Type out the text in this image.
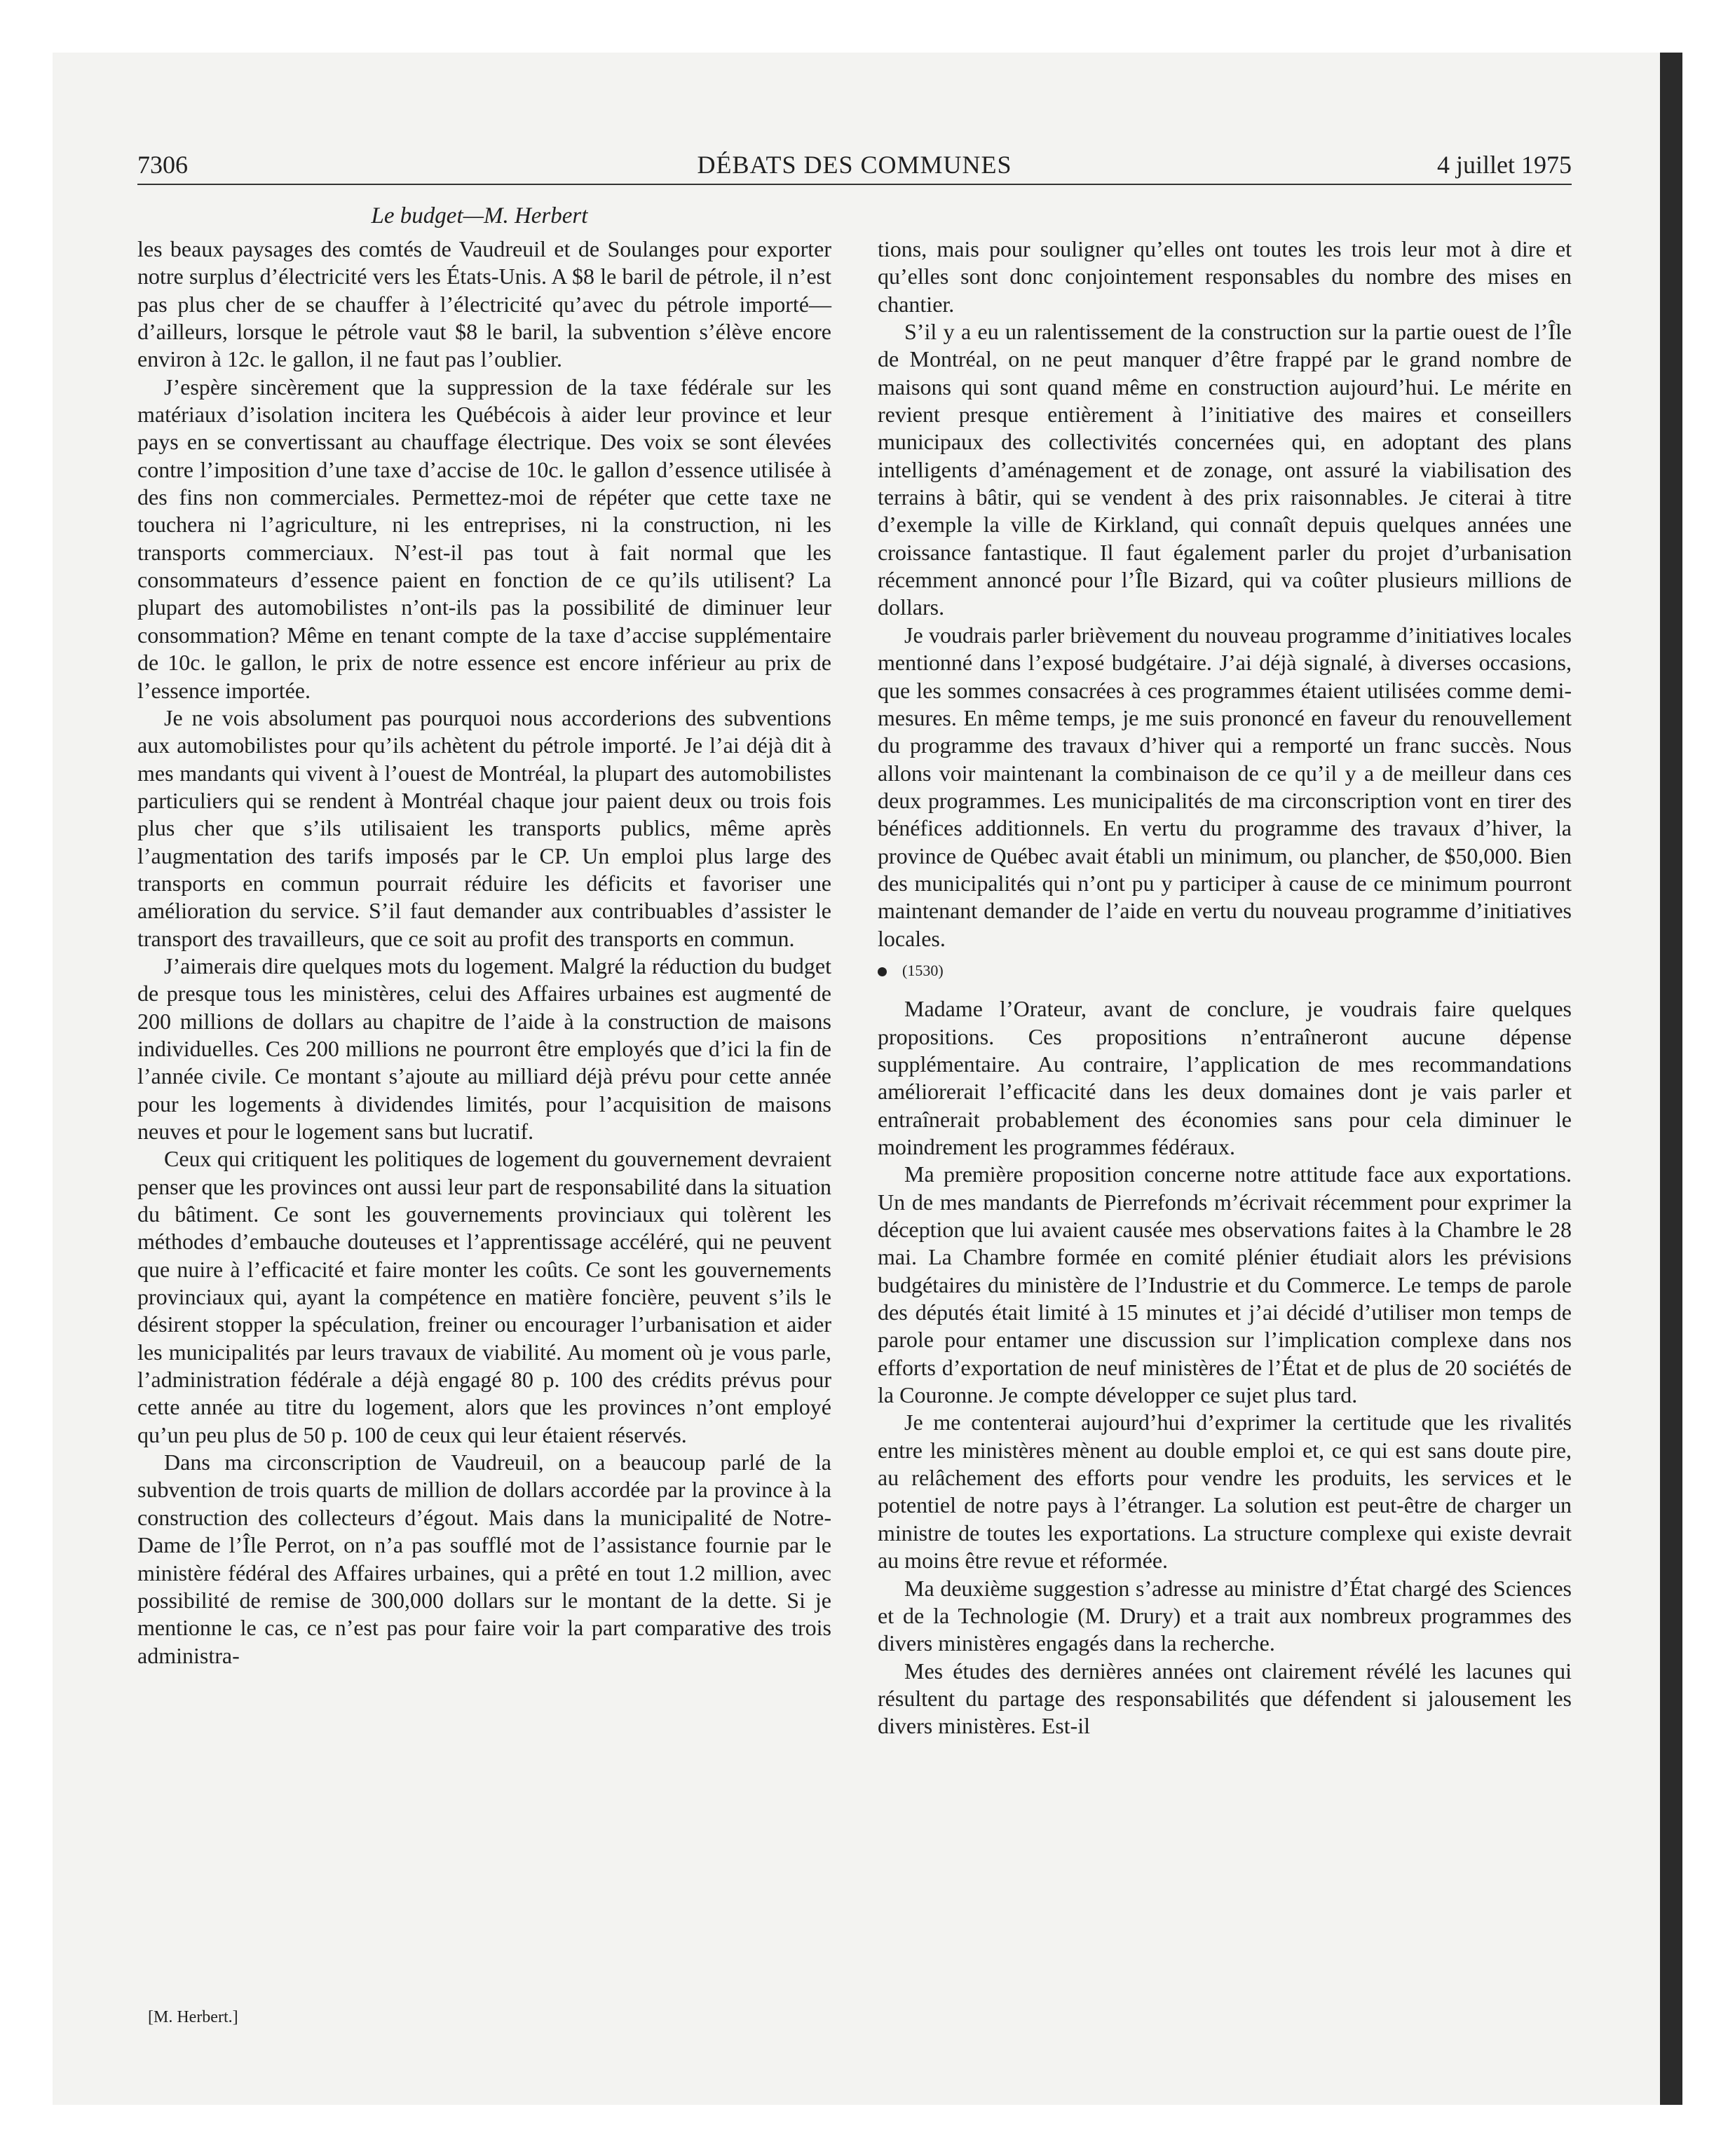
7306	DÉBATS DES COMMUNES	4 juillet 1975
Le budget—M. Herbert

les beaux paysages des comtés de Vaudreuil et de Soulanges pour exporter notre surplus d’électricité vers les États-Unis. A $8 le baril de pétrole, il n’est pas plus cher de se chauffer à l’électricité qu’avec du pétrole importé—d’ailleurs, lorsque le pétrole vaut $8 le baril, la subvention s’élève encore environ à 12c. le gallon, il ne faut pas l’oublier.

J’espère sincèrement que la suppression de la taxe fédérale sur les matériaux d’isolation incitera les Québécois à aider leur province et leur pays en se convertissant au chauffage électrique. Des voix se sont élevées contre l’imposition d’une taxe d’accise de 10c. le gallon d’essence utilisée à des fins non commerciales. Permettez-moi de répéter que cette taxe ne touchera ni l’agriculture, ni les entreprises, ni la construction, ni les transports commerciaux. N’est-il pas tout à fait normal que les consommateurs d’essence paient en fonction de ce qu’ils utilisent? La plupart des automobilistes n’ont-ils pas la possibilité de diminuer leur consommation? Même en tenant compte de la taxe d’accise supplémentaire de 10c. le gallon, le prix de notre essence est encore inférieur au prix de l’essence importée.

Je ne vois absolument pas pourquoi nous accorderions des subventions aux automobilistes pour qu’ils achètent du pétrole importé. Je l’ai déjà dit à mes mandants qui vivent à l’ouest de Montréal, la plupart des automobilistes particuliers qui se rendent à Montréal chaque jour paient deux ou trois fois plus cher que s’ils utilisaient les transports publics, même après l’augmentation des tarifs imposés par le CP. Un emploi plus large des transports en commun pourrait réduire les déficits et favoriser une amélioration du service. S’il faut demander aux contribuables d’assister le transport des travailleurs, que ce soit au profit des transports en commun.

J’aimerais dire quelques mots du logement. Malgré la réduction du budget de presque tous les ministères, celui des Affaires urbaines est augmenté de 200 millions de dollars au chapitre de l’aide à la construction de maisons individuelles. Ces 200 millions ne pourront être employés que d’ici la fin de l’année civile. Ce montant s’ajoute au milliard déjà prévu pour cette année pour les logements à dividendes limités, pour l’acquisition de maisons neuves et pour le logement sans but lucratif.

Ceux qui critiquent les politiques de logement du gouvernement devraient penser que les provinces ont aussi leur part de responsabilité dans la situation du bâtiment. Ce sont les gouvernements provinciaux qui tolèrent les méthodes d’embauche douteuses et l’apprentissage accéléré, qui ne peuvent que nuire à l’efficacité et faire monter les coûts. Ce sont les gouvernements provinciaux qui, ayant la compétence en matière foncière, peuvent s’ils le désirent stopper la spéculation, freiner ou encourager l’urbanisation et aider les municipalités par leurs travaux de viabilité. Au moment où je vous parle, l’administration fédérale a déjà engagé 80 p. 100 des crédits prévus pour cette année au titre du logement, alors que les provinces n’ont employé qu’un peu plus de 50 p. 100 de ceux qui leur étaient réservés.

Dans ma circonscription de Vaudreuil, on a beaucoup parlé de la subvention de trois quarts de million de dollars accordée par la province à la construction des collecteurs d’égout. Mais dans la municipalité de Notre-Dame de l’Île Perrot, on n’a pas soufflé mot de l’assistance fournie par le ministère fédéral des Affaires urbaines, qui a prêté en tout 1.2 million, avec possibilité de remise de 300,000 dollars sur le montant de la dette. Si je mentionne le cas, ce n’est pas pour faire voir la part comparative des trois administra-

tions, mais pour souligner qu’elles ont toutes les trois leur mot à dire et qu’elles sont donc conjointement responsables du nombre des mises en chantier.

S’il y a eu un ralentissement de la construction sur la partie ouest de l’Île de Montréal, on ne peut manquer d’être frappé par le grand nombre de maisons qui sont quand même en construction aujourd’hui. Le mérite en revient presque entièrement à l’initiative des maires et conseillers municipaux des collectivités concernées qui, en adoptant des plans intelligents d’aménagement et de zonage, ont assuré la viabilisation des terrains à bâtir, qui se vendent à des prix raisonnables. Je citerai à titre d’exemple la ville de Kirkland, qui connaît depuis quelques années une croissance fantastique. Il faut également parler du projet d’urbanisation récemment annoncé pour l’Île Bizard, qui va coûter plusieurs millions de dollars.

Je voudrais parler brièvement du nouveau programme d’initiatives locales mentionné dans l’exposé budgétaire. J’ai déjà signalé, à diverses occasions, que les sommes consacrées à ces programmes étaient utilisées comme demi-mesures. En même temps, je me suis prononcé en faveur du renouvellement du programme des travaux d’hiver qui a remporté un franc succès. Nous allons voir maintenant la combinaison de ce qu’il y a de meilleur dans ces deux programmes. Les municipalités de ma circonscription vont en tirer des bénéfices additionnels. En vertu du programme des travaux d’hiver, la province de Québec avait établi un minimum, ou plancher, de $50,000. Bien des municipalités qui n’ont pu y participer à cause de ce minimum pourront maintenant demander de l’aide en vertu du nouveau programme d’initiatives locales.

(1530)

Madame l’Orateur, avant de conclure, je voudrais faire quelques propositions. Ces propositions n’entraîneront aucune dépense supplémentaire. Au contraire, l’application de mes recommandations améliorerait l’efficacité dans les deux domaines dont je vais parler et entraînerait probablement des économies sans pour cela diminuer le moindrement les programmes fédéraux.

Ma première proposition concerne notre attitude face aux exportations. Un de mes mandants de Pierrefonds m’écrivait récemment pour exprimer la déception que lui avaient causée mes observations faites à la Chambre le 28 mai. La Chambre formée en comité plénier étudiait alors les prévisions budgétaires du ministère de l’Industrie et du Commerce. Le temps de parole des députés était limité à 15 minutes et j’ai décidé d’utiliser mon temps de parole pour entamer une discussion sur l’implication complexe dans nos efforts d’exportation de neuf ministères de l’État et de plus de 20 sociétés de la Couronne. Je compte développer ce sujet plus tard.

Je me contenterai aujourd’hui d’exprimer la certitude que les rivalités entre les ministères mènent au double emploi et, ce qui est sans doute pire, au relâchement des efforts pour vendre les produits, les services et le potentiel de notre pays à l’étranger. La solution est peut-être de charger un ministre de toutes les exportations. La structure complexe qui existe devrait au moins être revue et réformée.

Ma deuxième suggestion s’adresse au ministre d’État chargé des Sciences et de la Technologie (M. Drury) et a trait aux nombreux programmes des divers ministères engagés dans la recherche.

Mes études des dernières années ont clairement révélé les lacunes qui résultent du partage des responsabilités que défendent si jalousement les divers ministères. Est-il

[M. Herbert.]
